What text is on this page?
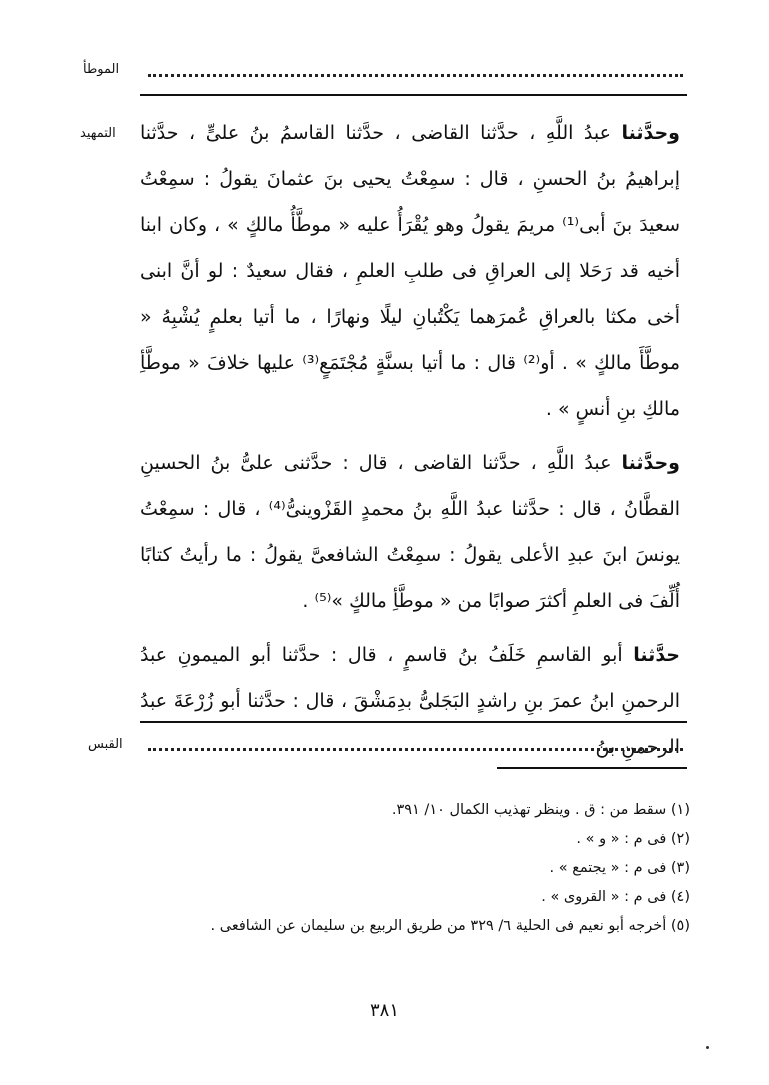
الموطأ
التمهيد	وحدَّثنا عبدُ اللَّهِ ، حدَّثنا القاضى ، حدَّثنا القاسمُ بنُ علىٍّ ، حدَّثنا إبراهيمُ بنُ الحسنِ ، قال : سمِعْتُ يحيى بنَ عثمانَ يقولُ : سمِعْتُ سعيدَ بنَ أبى⁽¹⁾ مريمَ يقولُ وهو يُقْرَأُ عليه « موطَّأُ مالكٍ » ، وكان ابنا أخيه قد رَحَلا إلى العراقِ فى طلبِ العلمِ ، فقال سعيدٌ : لو أنَّ ابنى أخى مكثا بالعراقِ عُمرَهما يَكْتُبانِ ليلًا ونهارًا ، ما أتيا بعلمٍ يُشْبِهُ « موطَّأَ مالكٍ » . أو⁽²⁾ قال : ما أتيا بسنَّةٍ مُجْتَمَعٍ⁽³⁾ عليها خلافَ « موطَّأِ مالكِ بنِ أنسٍ » .

وحدَّثنا عبدُ اللَّهِ ، حدَّثنا القاضى ، قال : حدَّثنى علىُّ بنُ الحسينِ القطَّانُ ، قال : حدَّثنا عبدُ اللَّهِ بنُ محمدٍ القَزْوينىُّ⁽⁴⁾ ، قال : سمِعْتُ يونسَ ابنَ عبدِ الأعلى يقولُ : سمِعْتُ الشافعىَّ يقولُ : ما رأيتُ كتابًا أُلِّفَ فى العلمِ أكثرَ صوابًا من « موطَّأِ مالكٍ »⁽⁵⁾ .

حدَّثنا أبو القاسمِ خَلَفُ بنُ قاسمٍ ، قال : حدَّثنا أبو الميمونِ عبدُ الرحمنِ ابنُ عمرَ بنِ راشدٍ البَجَلىُّ بدِمَشْقَ ، قال : حدَّثنا أبو زُرْعَةَ عبدُ الرحمنِ بنُ

القبس

(١) سقط من : ق . وينظر تهذيب الكمال ١٠/ ٣٩١.

(٢) فى م : « و » .

(٣) فى م : « يجتمع » .

(٤) فى م : « القروى » .

(٥) أخرجه أبو نعيم فى الحلية ٦/ ٣٢٩ من طريق الربيع بن سليمان عن الشافعى .

٣٨١
